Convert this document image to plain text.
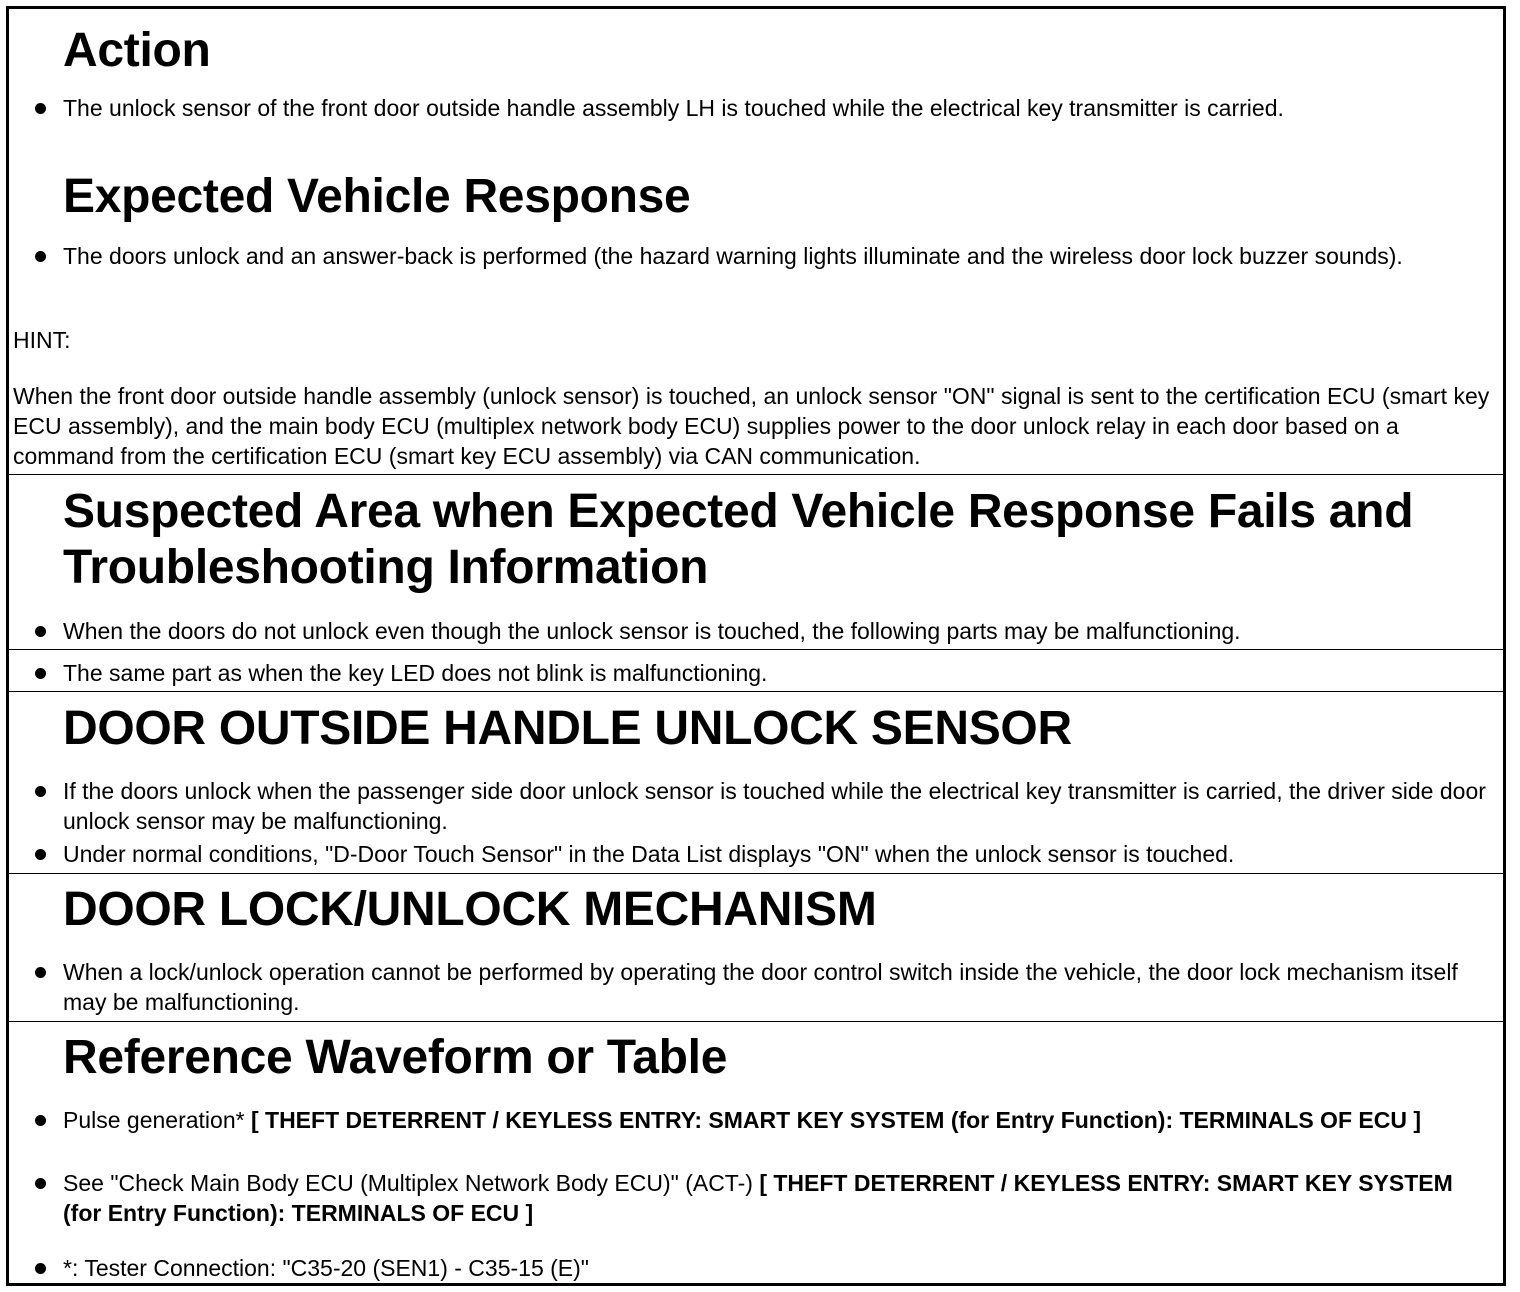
Action
The unlock sensor of the front door outside handle assembly LH is touched while the electrical key transmitter is carried.
Expected Vehicle Response
The doors unlock and an answer-back is performed (the hazard warning lights illuminate and the wireless door lock buzzer sounds).
HINT:
When the front door outside handle assembly (unlock sensor) is touched, an unlock sensor "ON" signal is sent to the certification ECU (smart key ECU assembly), and the main body ECU (multiplex network body ECU) supplies power to the door unlock relay in each door based on a command from the certification ECU (smart key ECU assembly) via CAN communication.
Suspected Area when Expected Vehicle Response Fails and
Troubleshooting Information
When the doors do not unlock even though the unlock sensor is touched, the following parts may be malfunctioning.
The same part as when the key LED does not blink is malfunctioning.
DOOR OUTSIDE HANDLE UNLOCK SENSOR
If the doors unlock when the passenger side door unlock sensor is touched while the electrical key transmitter is carried, the driver side door unlock sensor may be malfunctioning.
Under normal conditions, "D-Door Touch Sensor" in the Data List displays "ON" when the unlock sensor is touched.
DOOR LOCK/UNLOCK MECHANISM
When a lock/unlock operation cannot be performed by operating the door control switch inside the vehicle, the door lock mechanism itself may be malfunctioning.
Reference Waveform or Table
Pulse generation* [ THEFT DETERRENT / KEYLESS ENTRY: SMART KEY SYSTEM (for Entry Function): TERMINALS OF ECU ]
See "Check Main Body ECU (Multiplex Network Body ECU)" (ACT-) [ THEFT DETERRENT / KEYLESS ENTRY: SMART KEY SYSTEM (for Entry Function): TERMINALS OF ECU ]
*: Tester Connection: "C35-20 (SEN1) - C35-15 (E)"
